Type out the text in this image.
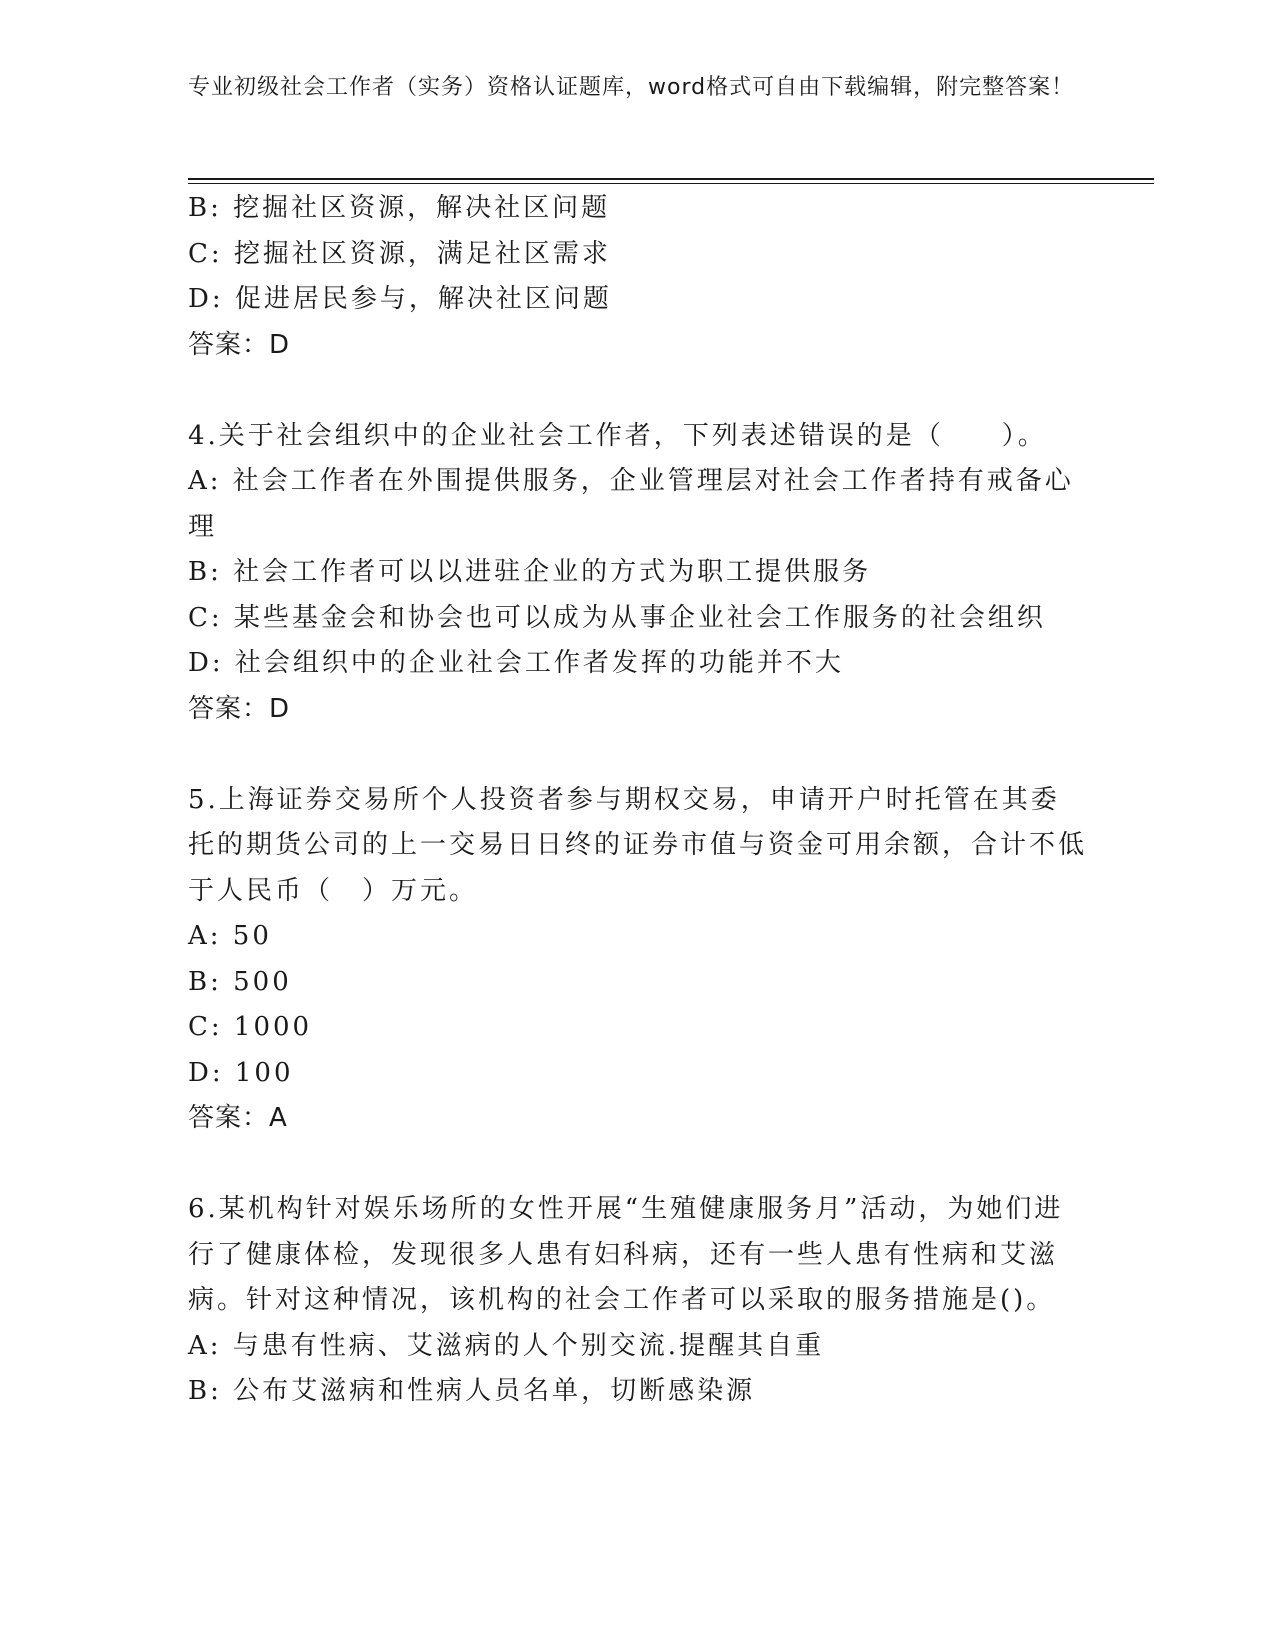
专业初级社会工作者（实务）资格认证题库，word格式可自由下载编辑，附完整答案！
B: 挖掘社区资源，解决社区问题
C: 挖掘社区资源，满足社区需求
D: 促进居民参与，解决社区问题
答案：D
4.关于社会组织中的企业社会工作者，下列表述错误的是（　　）。
A: 社会工作者在外围提供服务，企业管理层对社会工作者持有戒备心理
B: 社会工作者可以以进驻企业的方式为职工提供服务
C: 某些基金会和协会也可以成为从事企业社会工作服务的社会组织
D: 社会组织中的企业社会工作者发挥的功能并不大
答案：D
5.上海证券交易所个人投资者参与期权交易，申请开户时托管在其委托的期货公司的上一交易日日终的证券市值与资金可用余额，合计不低于人民币（　）万元。
A: 50
B: 500
C: 1000
D: 100
答案：A
6.某机构针对娱乐场所的女性开展“生殖健康服务月”活动，为她们进行了健康体检，发现很多人患有妇科病，还有一些人患有性病和艾滋病。针对这种情况，该机构的社会工作者可以采取的服务措施是()。
A: 与患有性病、艾滋病的人个别交流.提醒其自重
B: 公布艾滋病和性病人员名单，切断感染源
